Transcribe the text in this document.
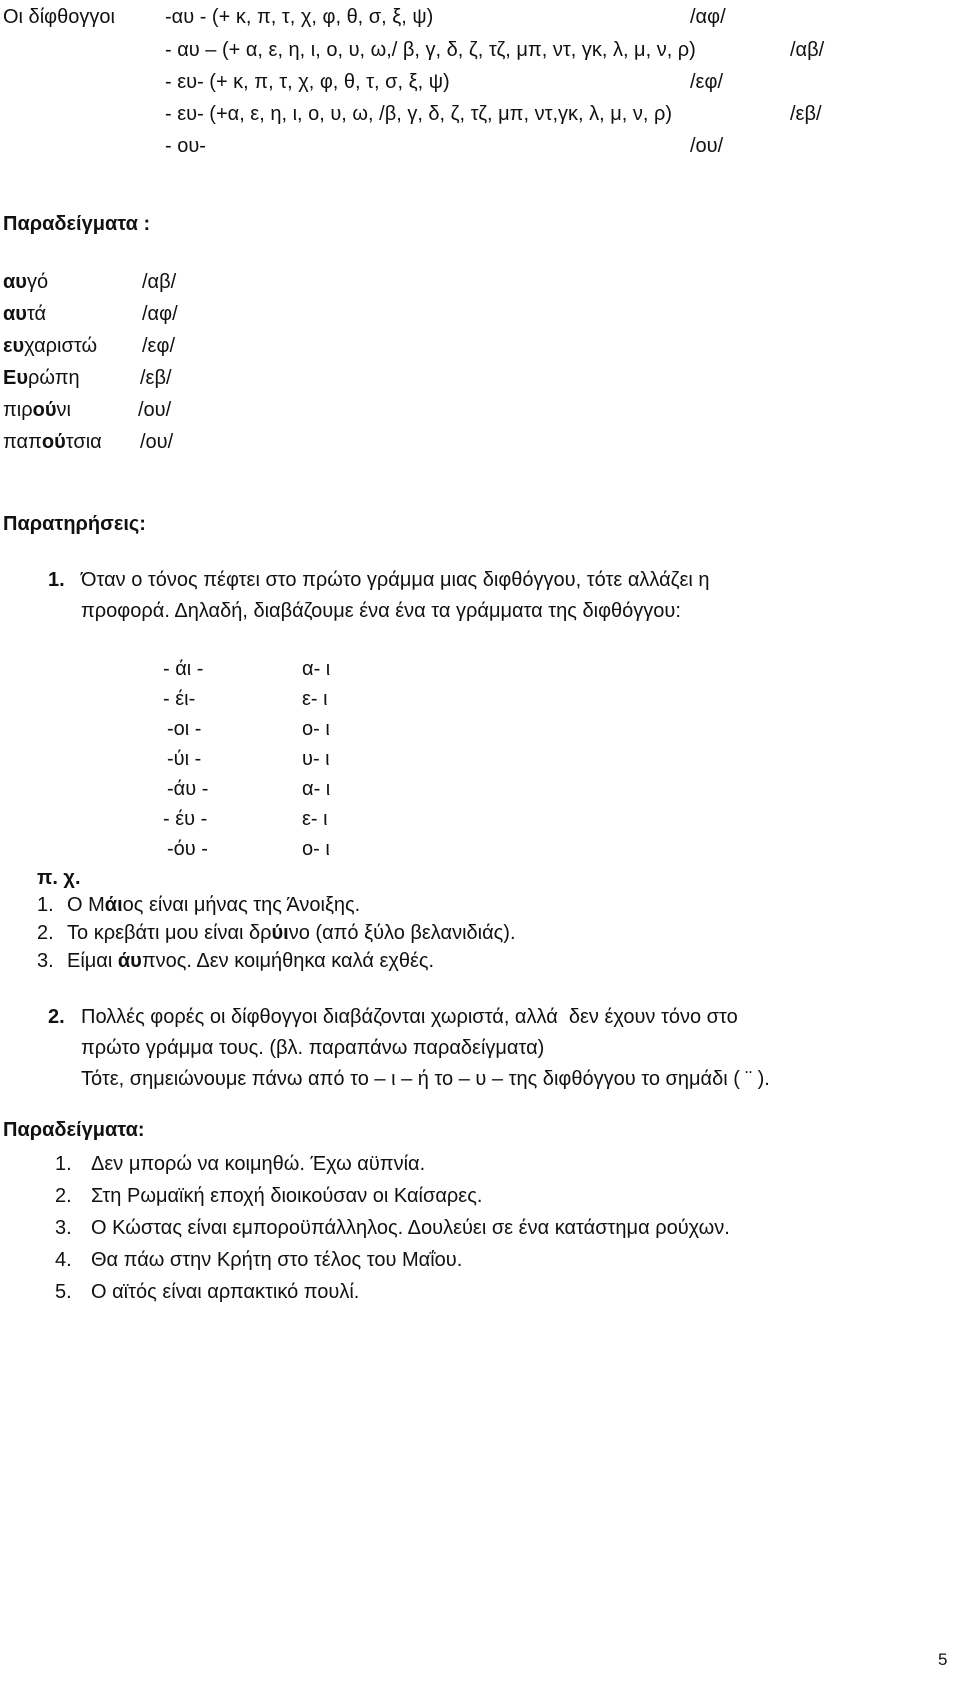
Οι δίφθογγοι	-αυ - (+ κ, π, τ, χ, φ, θ, σ, ξ, ψ)	/αφ/
- αυ – (+ α, ε, η, ι, ο, υ, ω,/ β, γ, δ, ζ, τζ, μπ, ντ, γκ, λ, μ, ν, ρ)	/αβ/
- ευ- (+ κ, π, τ, χ, φ, θ, τ, σ, ξ, ψ)	/εφ/
- ευ- (+α, ε, η, ι, ο, υ, ω, /β, γ, δ, ζ, τζ, μπ, ντ,γκ, λ, μ, ν, ρ)	/εβ/
- ου-	/ου/
Παραδείγματα :
αυγό	/αβ/
αυτά	/αφ/
ευχαριστώ /εφ/
Ευρώπη	/εβ/
πιρούνι	/ου/
παπούτσια /ου/
Παρατηρήσεις:
1. Όταν ο τόνος πέφτει στο πρώτο γράμμα μιας διφθόγγου, τότε αλλάζει η
προφορά. Δηλαδή, διαβάζουμε ένα ένα τα γράμματα της διφθόγγου:
- άι -	α- ι
- έι-	ε- ι
-οι -	ο- ι
-ύι -	υ- ι
-άυ -	α- ι
- έυ -	ε- ι
-όυ -	ο- ι
π. χ.
1. Ο Μάιος είναι μήνας της Άνοιξης.
2. Το κρεβάτι μου είναι δρύινο (από ξύλο βελανιδιάς).
3. Είμαι άυπνος. Δεν κοιμήθηκα καλά εχθές.
2. Πολλές φορές οι δίφθογγοι διαβάζονται χωριστά, αλλά  δεν έχουν τόνο στο
πρώτο γράμμα τους. (βλ. παραπάνω παραδείγματα)
Τότε, σημειώνουμε πάνω από το – ι – ή το – υ – της διφθόγγου το σημάδι ( ¨ ).
Παραδείγματα:
1. Δεν μπορώ να κοιμηθώ. Έχω αϋπνία.
2. Στη Ρωμαϊκή εποχή διοικούσαν οι Καίσαρες.
3. Ο Κώστας είναι εμποροϋπάλληλος. Δουλεύει σε ένα κατάστημα ρούχων.
4. Θα πάω στην Κρήτη στο τέλος του Μαΐου.
5. Ο αϊτός είναι αρπακτικό πουλί.
5
